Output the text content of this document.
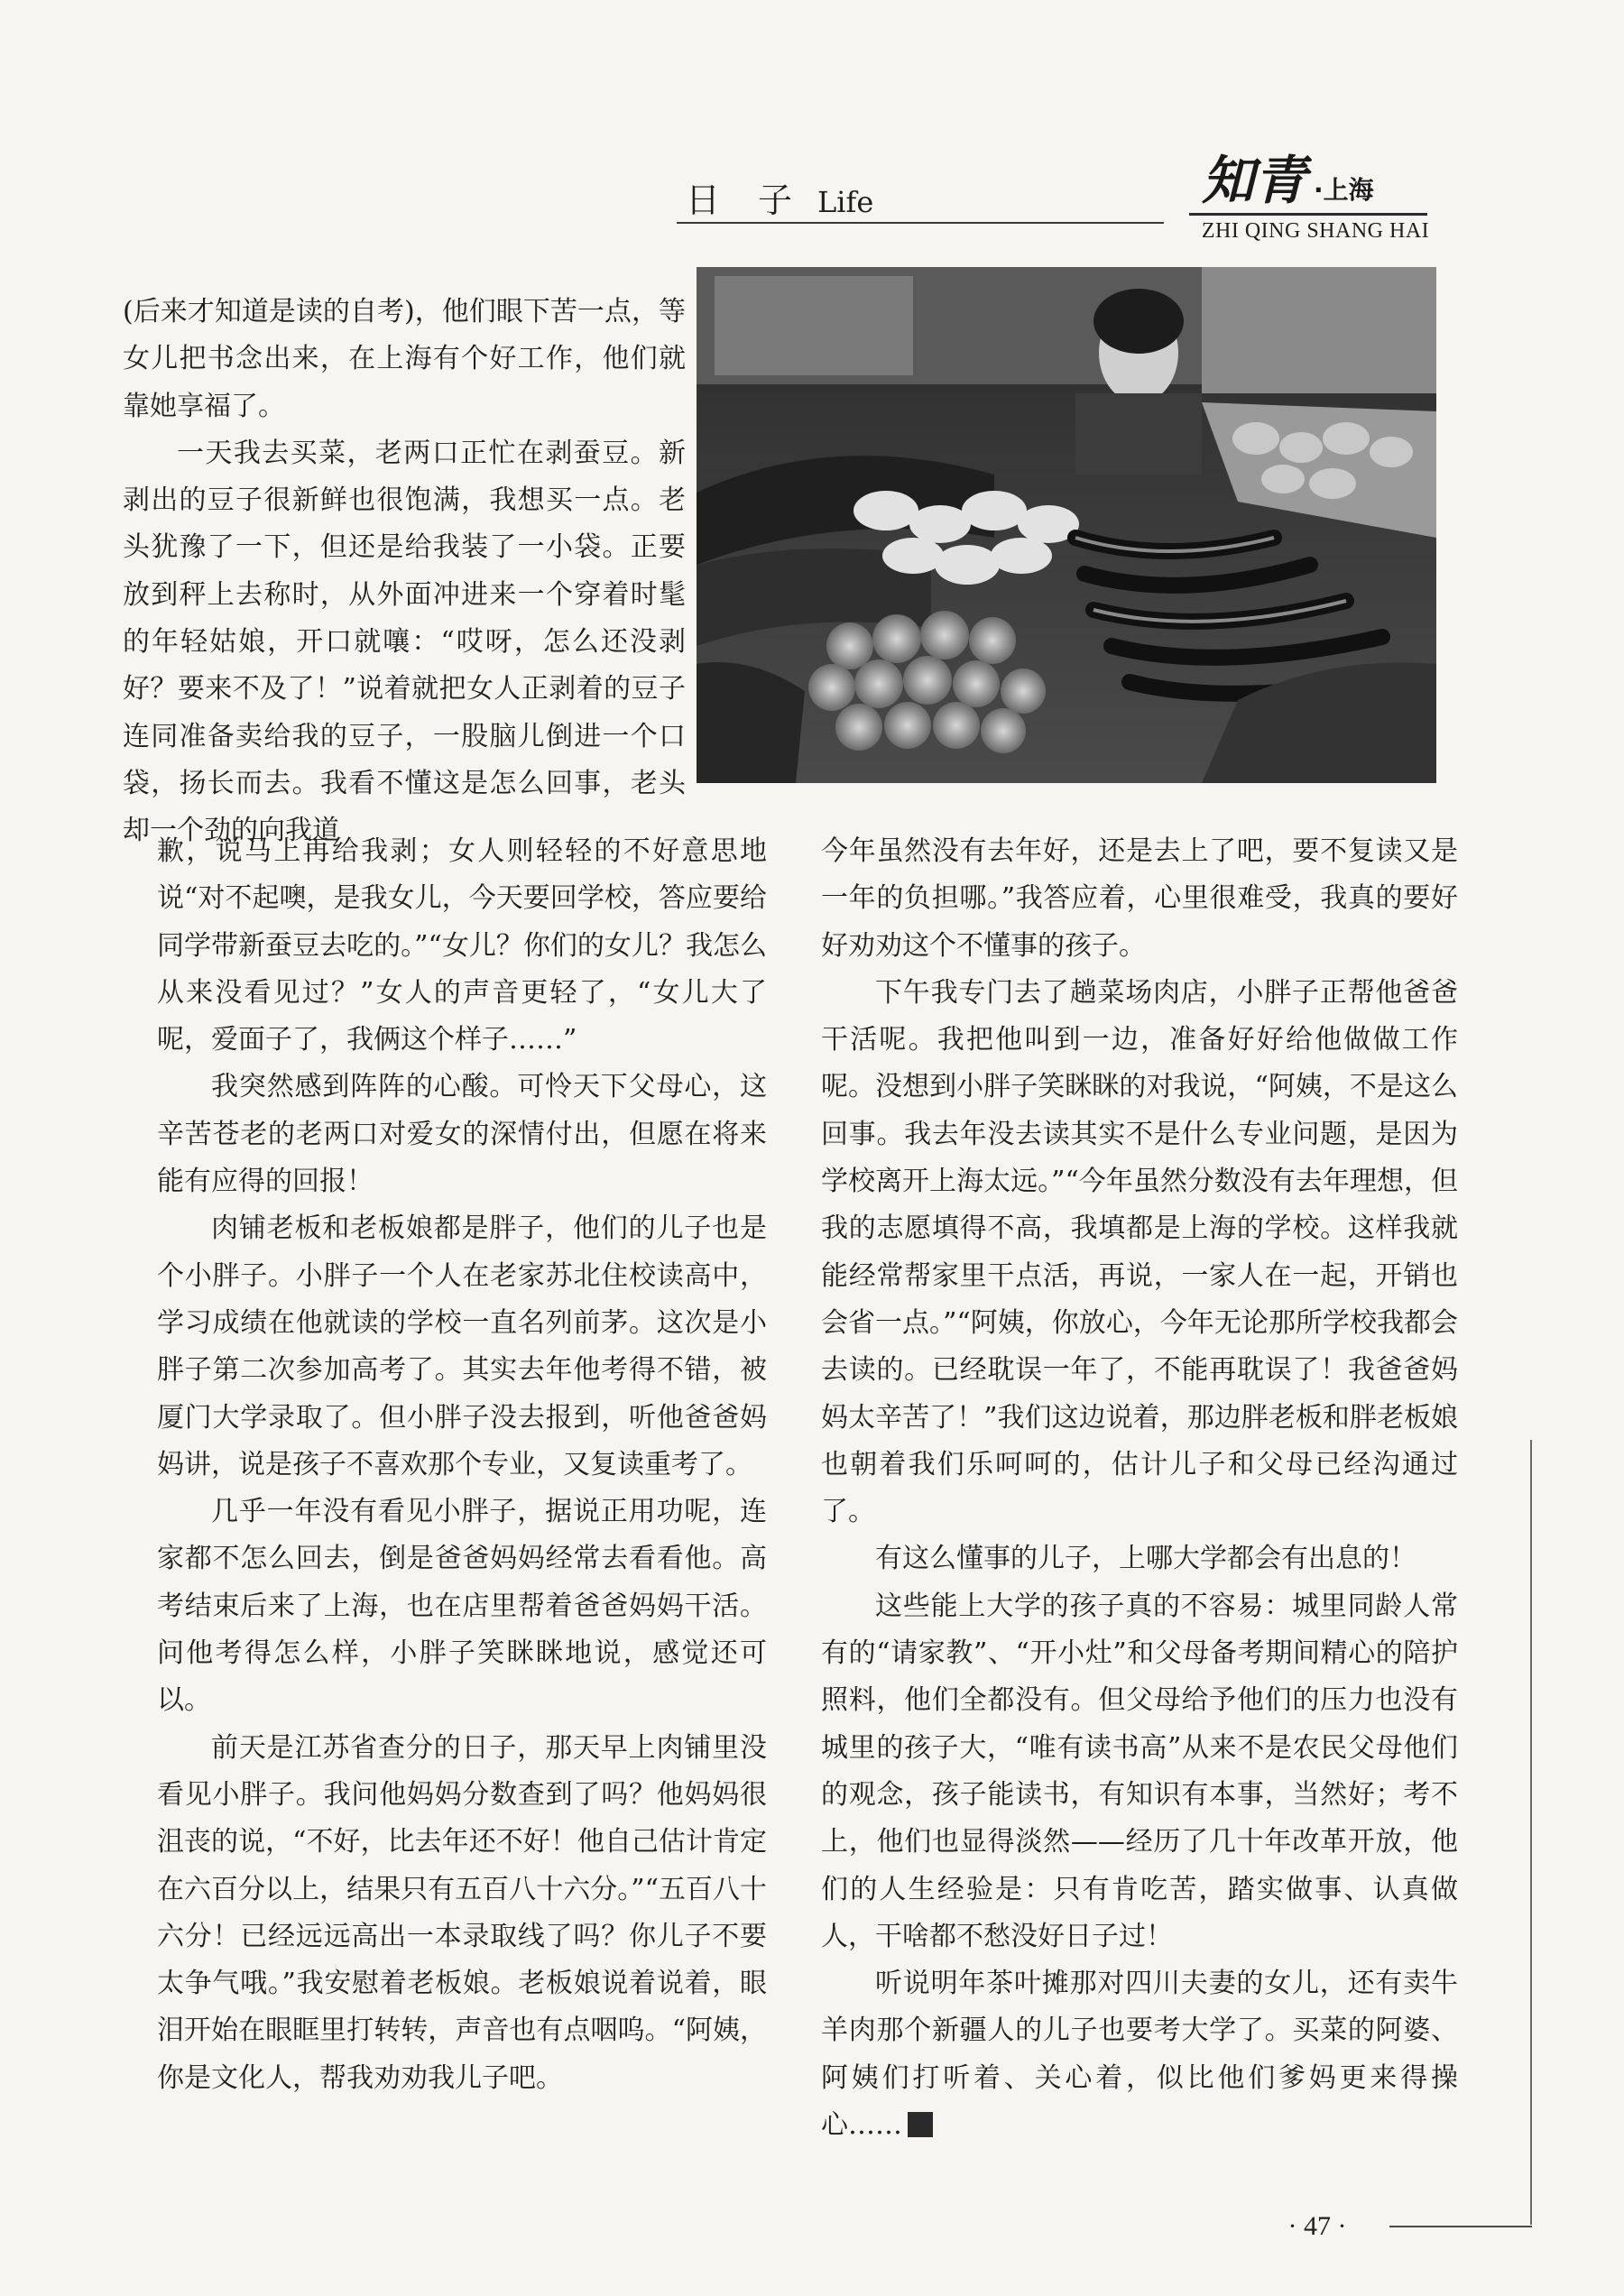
日　子 Life	知青 ·上海
ZHI QING SHANG HAI

(后来才知道是读的自考)，他们眼下苦一点，等女儿把书念出来，在上海有个好工作，他们就靠她享福了。

一天我去买菜，老两口正忙在剥蚕豆。新剥出的豆子很新鲜也很饱满，我想买一点。老头犹豫了一下，但还是给我装了一小袋。正要放到秤上去称时，从外面冲进来一个穿着时髦的年轻姑娘，开口就嚷：“哎呀，怎么还没剥好？要来不及了！”说着就把女人正剥着的豆子连同准备卖给我的豆子，一股脑儿倒进一个口袋，扬长而去。我看不懂这是怎么回事，老头却一个劲的向我道

歉，说马上再给我剥；女人则轻轻的不好意思地说“对不起噢，是我女儿，今天要回学校，答应要给同学带新蚕豆去吃的。”“女儿？你们的女儿？我怎么从来没看见过？”女人的声音更轻了，“女儿大了呢，爱面子了，我俩这个样子……”

我突然感到阵阵的心酸。可怜天下父母心，这辛苦苍老的老两口对爱女的深情付出，但愿在将来能有应得的回报！

肉铺老板和老板娘都是胖子，他们的儿子也是个小胖子。小胖子一个人在老家苏北住校读高中，学习成绩在他就读的学校一直名列前茅。这次是小胖子第二次参加高考了。其实去年他考得不错，被厦门大学录取了。但小胖子没去报到，听他爸爸妈妈讲，说是孩子不喜欢那个专业，又复读重考了。

几乎一年没有看见小胖子，据说正用功呢，连家都不怎么回去，倒是爸爸妈妈经常去看看他。高考结束后来了上海，也在店里帮着爸爸妈妈干活。问他考得怎么样，小胖子笑眯眯地说，感觉还可以。

前天是江苏省查分的日子，那天早上肉铺里没看见小胖子。我问他妈妈分数查到了吗？他妈妈很沮丧的说，“不好，比去年还不好！他自己估计肯定在六百分以上，结果只有五百八十六分。”“五百八十六分！已经远远高出一本录取线了吗？你儿子不要太争气哦。”我安慰着老板娘。老板娘说着说着，眼泪开始在眼眶里打转转，声音也有点咽呜。“阿姨，你是文化人，帮我劝劝我儿子吧。

今年虽然没有去年好，还是去上了吧，要不复读又是一年的负担哪。”我答应着，心里很难受，我真的要好好劝劝这个不懂事的孩子。

下午我专门去了趟菜场肉店，小胖子正帮他爸爸干活呢。我把他叫到一边，准备好好给他做做工作呢。没想到小胖子笑眯眯的对我说，“阿姨，不是这么回事。我去年没去读其实不是什么专业问题，是因为学校离开上海太远。”“今年虽然分数没有去年理想，但我的志愿填得不高，我填都是上海的学校。这样我就能经常帮家里干点活，再说，一家人在一起，开销也会省一点。”“阿姨，你放心，今年无论那所学校我都会去读的。已经耽误一年了，不能再耽误了！我爸爸妈妈太辛苦了！”我们这边说着，那边胖老板和胖老板娘也朝着我们乐呵呵的，估计儿子和父母已经沟通过了。

有这么懂事的儿子，上哪大学都会有出息的！

这些能上大学的孩子真的不容易：城里同龄人常有的“请家教”、“开小灶”和父母备考期间精心的陪护照料，他们全都没有。但父母给予他们的压力也没有城里的孩子大，“唯有读书高”从来不是农民父母他们的观念，孩子能读书，有知识有本事，当然好；考不上，他们也显得淡然——经历了几十年改革开放，他们的人生经验是：只有肯吃苦，踏实做事、认真做人，干啥都不愁没好日子过！

听说明年茶叶摊那对四川夫妻的女儿，还有卖牛羊肉那个新疆人的儿子也要考大学了。买菜的阿婆、阿姨们打听着、关心着，似比他们爹妈更来得操心……

· 47 ·
